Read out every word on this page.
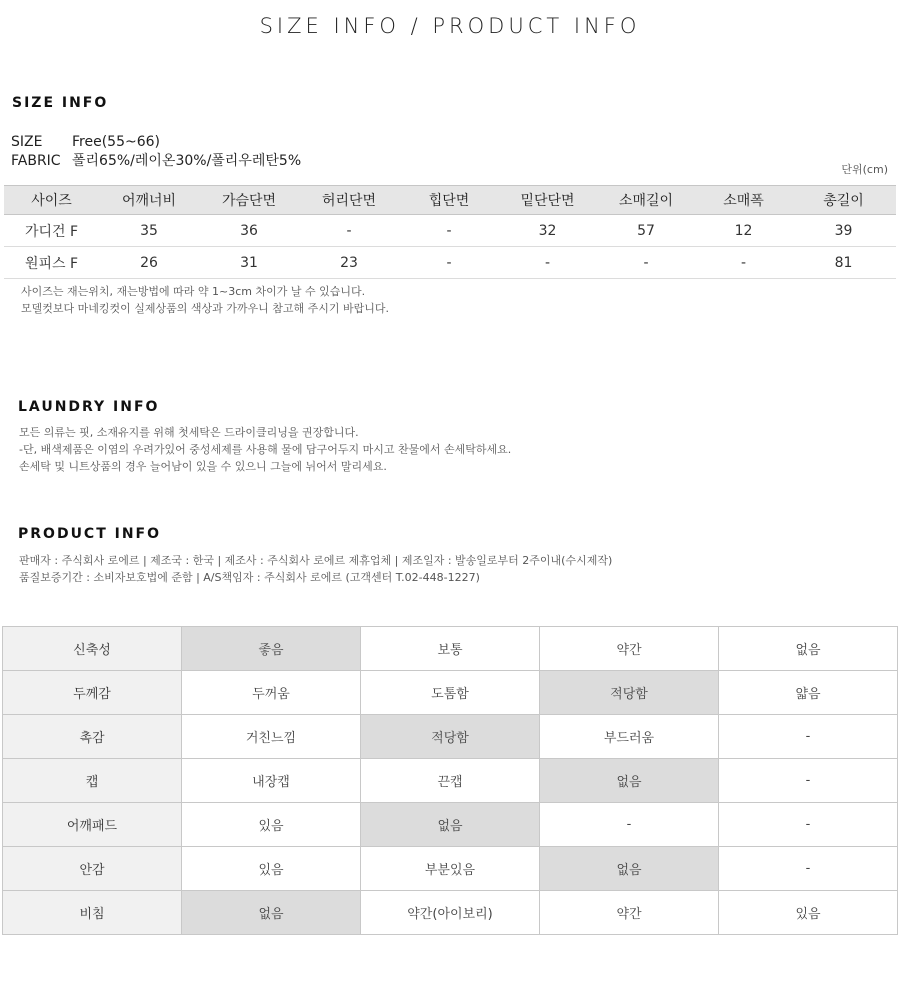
SIZE INFO / PRODUCT INFO
SIZE INFO
SIZE Free(55~66)
FABRIC 폴리65%/레이온30%/폴리우레탄5%
단위(cm)
사이즈	어깨너비	가슴단면	허리단면	힙단면	밑단단면	소매길이	소매폭	총길이
가디건 F	35	36	-	-	32	57	12	39
원피스 F	26	31	23	-	-	-	-	81
사이즈는 재는위치, 재는방법에 따라 약 1~3cm 차이가 날 수 있습니다.
모델컷보다 마네킹컷이 실제상품의 색상과 가까우니 참고해 주시기 바랍니다.
LAUNDRY INFO
모든 의류는 핏, 소재유지를 위해 첫세탁은 드라이클리닝을 권장합니다.
-단, 배색제품은 이염의 우려가있어 중성세제를 사용해 물에 담구어두지 마시고 찬물에서 손세탁하세요.
손세탁 및 니트상품의 경우 늘어남이 있을 수 있으니 그늘에 뉘어서 말리세요.
PRODUCT INFO
판매자 : 주식회사 로에르 | 제조국 : 한국 | 제조사 : 주식회사 로에르 제휴업체 | 제조일자 : 발송일로부터 2주이내(수시제작)
품질보증기간 : 소비자보호법에 준함 | A/S책임자 : 주식회사 로에르 (고객센터 T.02-448-1227)
신축성	좋음	보통	약간	없음
두께감	두꺼움	도톰함	적당함	얇음
촉감	거친느낌	적당함	부드러움	-
캡	내장캡	끈캡	없음	-
어깨패드	있음	없음	-	-
안감	있음	부분있음	없음	-
비침	없음	약간(아이보리)	약간	있음
